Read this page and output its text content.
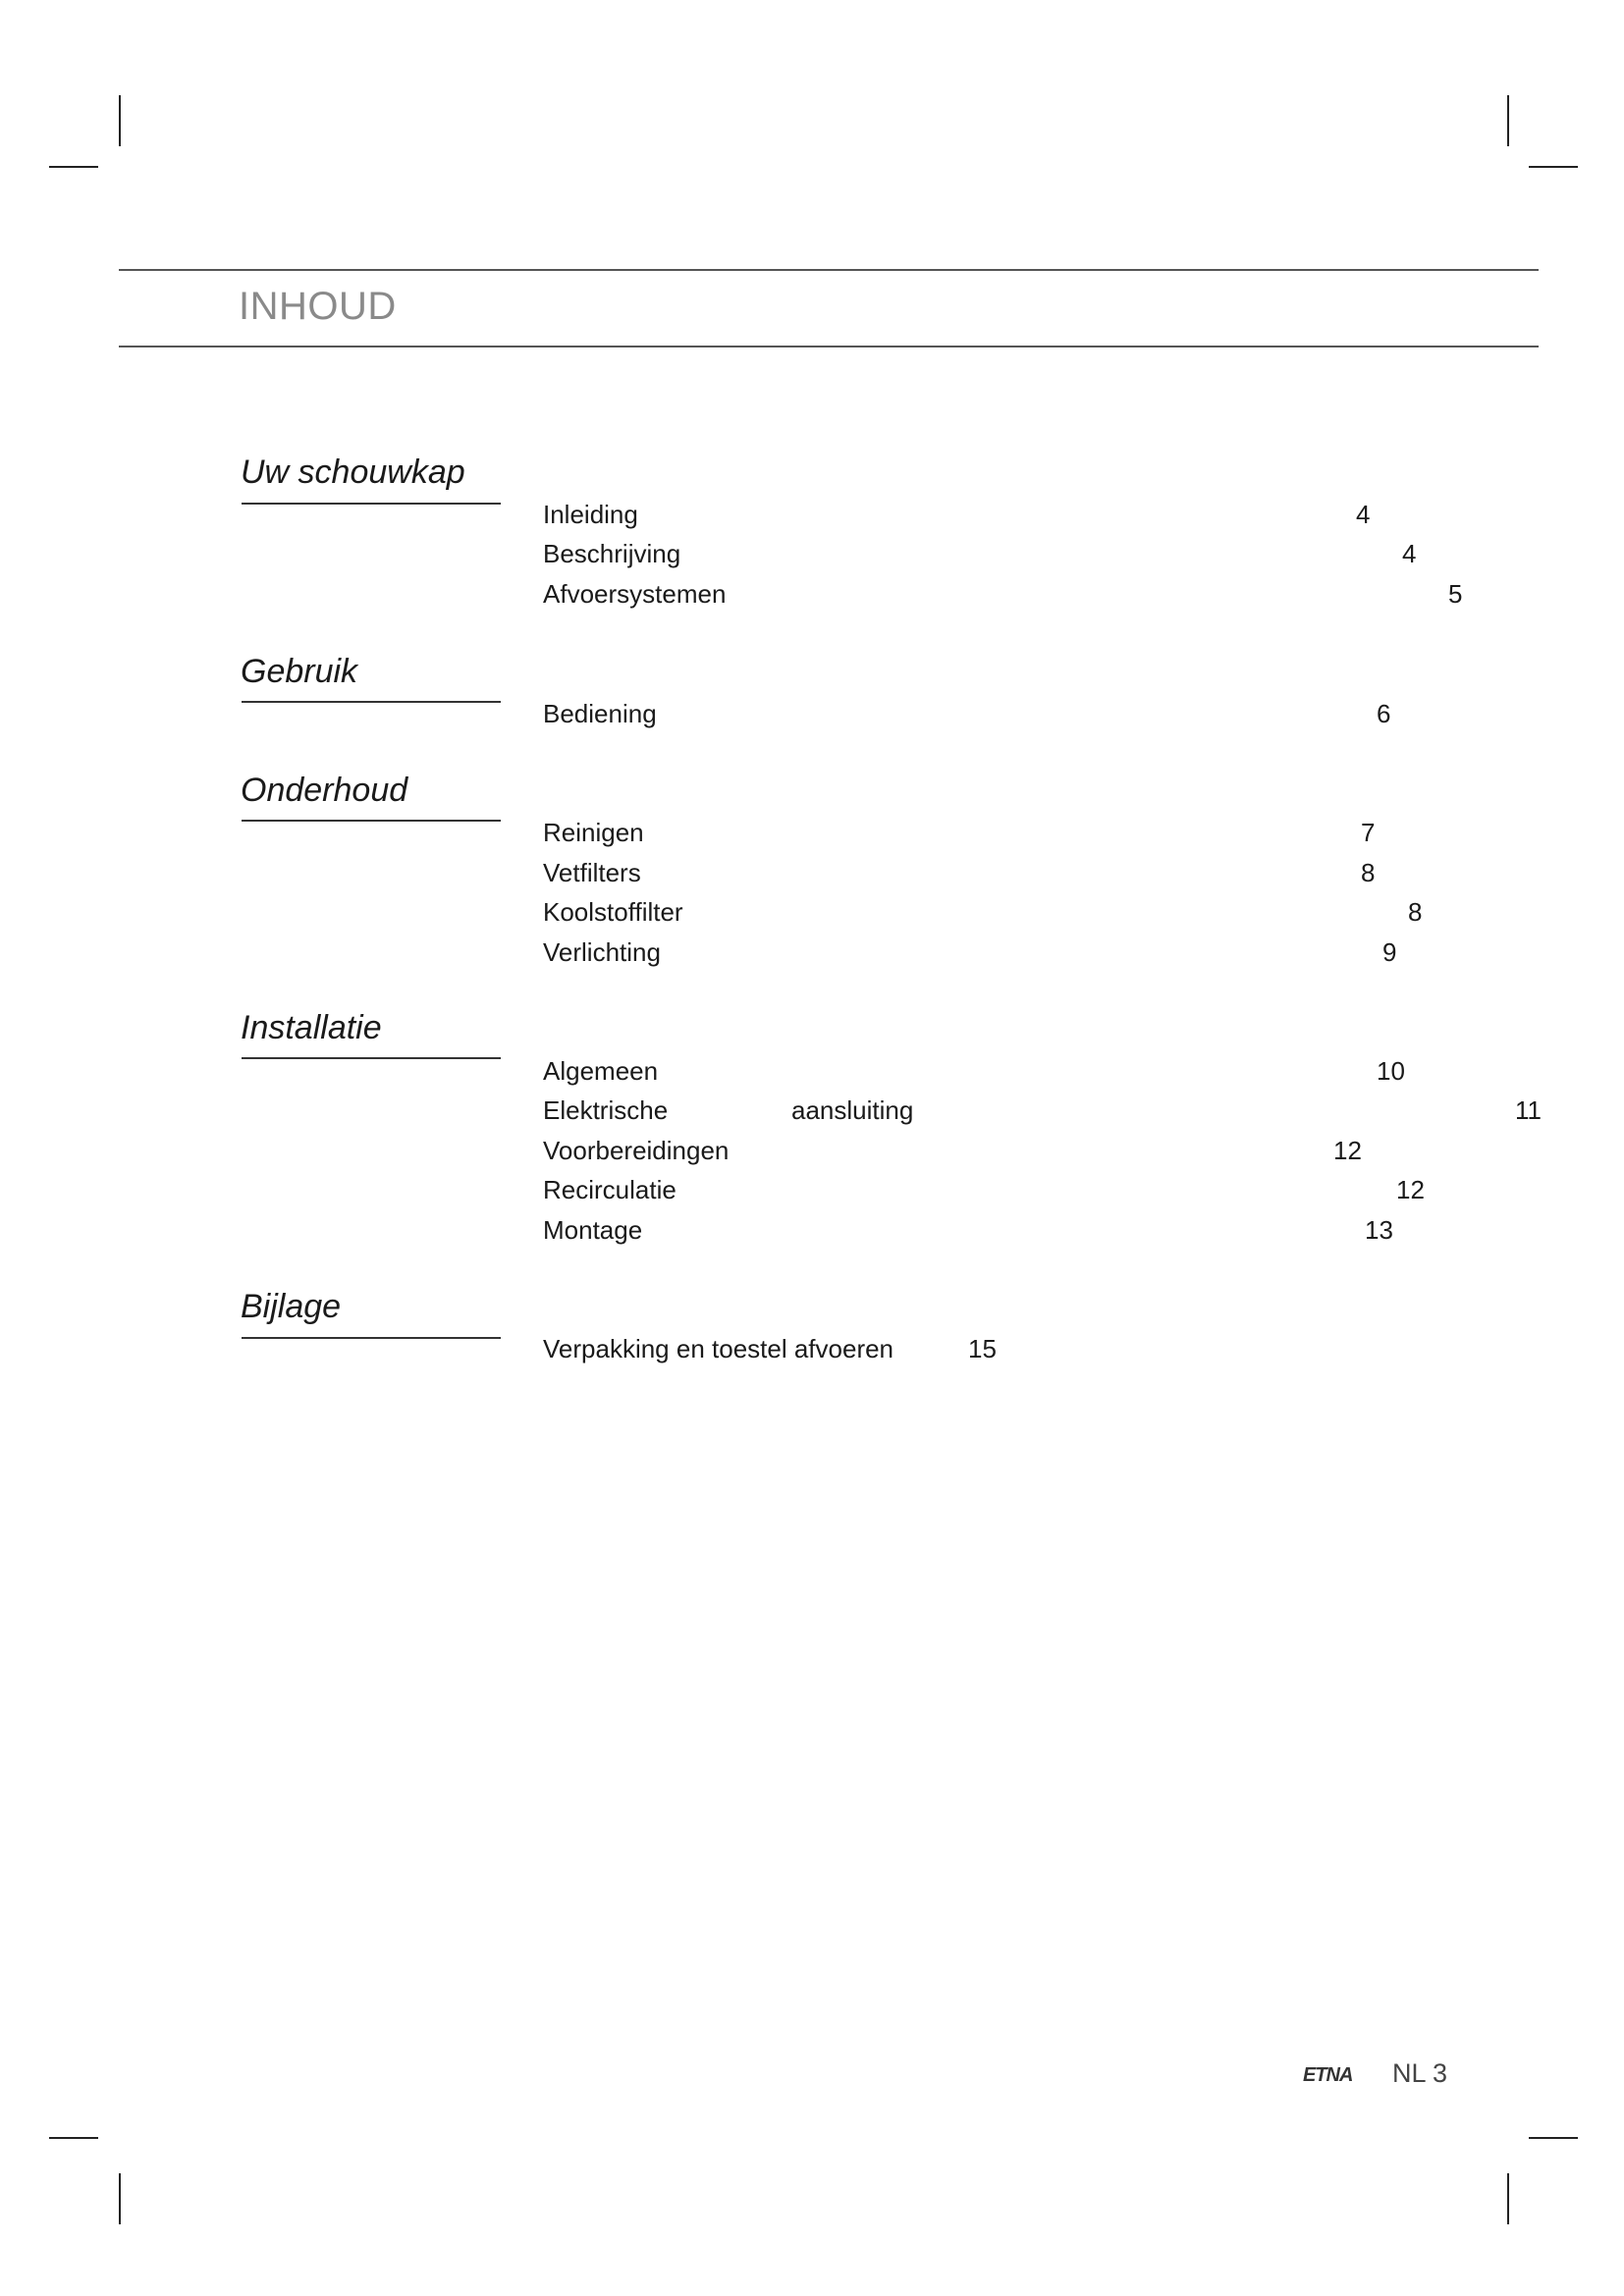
INHOUD
Uw schouwkap
Inleiding	4
Beschrijving	4
Afvoersystemen	5
Gebruik
Bediening	6
Onderhoud
Reinigen	7
Vetfilters	8
Koolstoffilter	8
Verlichting	9
Installatie
Algemeen	10
Elektrische	aansluiting	11
Voorbereidingen	12
Recirculatie	12
Montage	13
Bijlage
Verpakking en toestel afvoeren	15
ETNA NL 3
